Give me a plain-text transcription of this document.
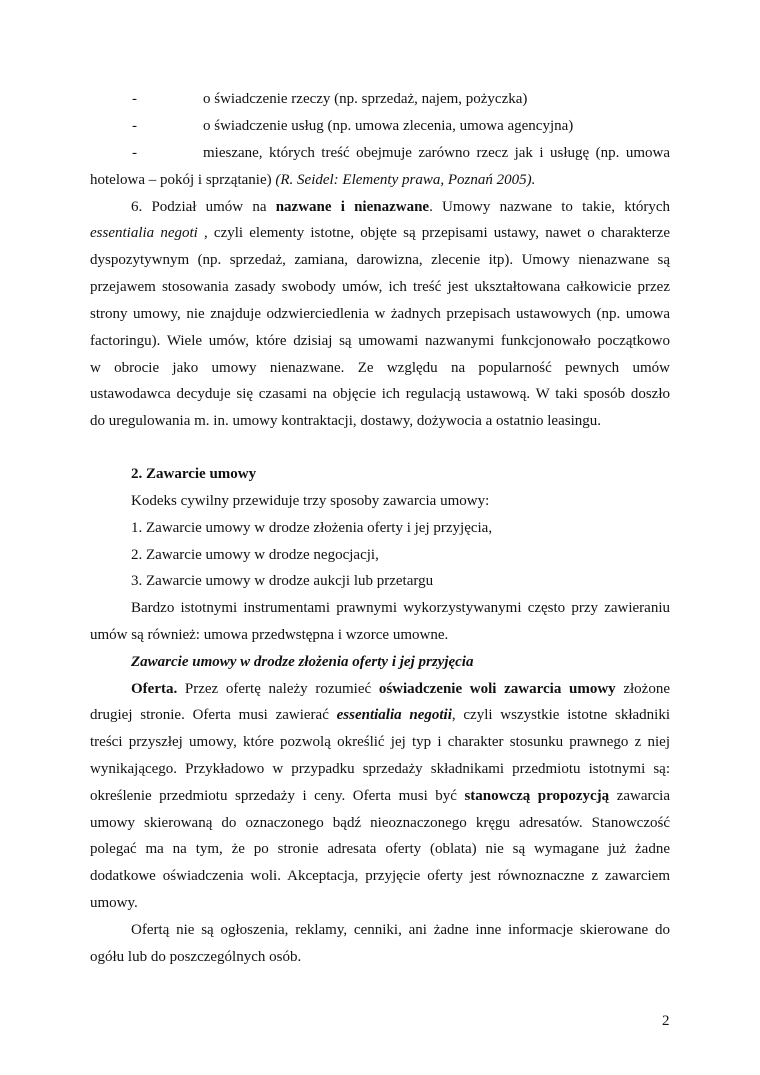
-	o świadczenie rzeczy (np. sprzedaż, najem, pożyczka)
-	o świadczenie usług (np. umowa zlecenia, umowa agencyjna)
-	mieszane, których treść obejmuje zarówno rzecz jak i usługę (np. umowa
hotelowa – pokój i sprzątanie) (R. Seidel: Elementy prawa, Poznań 2005).
6. Podział umów na nazwane i nienazwane. Umowy nazwane to takie, których
essentialia negoti , czyli elementy istotne, objęte są przepisami ustawy, nawet o charakterze
dyspozytywnym (np. sprzedaż, zamiana, darowizna, zlecenie itp). Umowy nienazwane są
przejawem stosowania zasady swobody umów, ich treść jest ukształtowana całkowicie przez
strony umowy, nie znajduje odzwierciedlenia w żadnych przepisach ustawowych (np. umowa
factoringu). Wiele umów, które dzisiaj są umowami nazwanymi funkcjonowało początkowo
w obrocie jako umowy nienazwane. Ze względu na popularność pewnych umów
ustawodawca decyduje się czasami na objęcie ich regulacją ustawową. W taki sposób doszło
do uregulowania m. in. umowy kontraktacji, dostawy, dożywocia a ostatnio leasingu.
2. Zawarcie umowy
Kodeks cywilny przewiduje trzy sposoby zawarcia umowy:
1. Zawarcie umowy w drodze złożenia oferty i jej przyjęcia,
2. Zawarcie umowy w drodze negocjacji,
3. Zawarcie umowy w drodze aukcji lub przetargu
Bardzo istotnymi instrumentami prawnymi wykorzystywanymi często przy zawieraniu
umów są również: umowa przedwstępna i wzorce umowne.
Zawarcie umowy w drodze złożenia oferty i jej przyjęcia
Oferta. Przez ofertę należy rozumieć oświadczenie woli zawarcia umowy złożone
drugiej stronie. Oferta musi zawierać essentialia negotii, czyli wszystkie istotne składniki
treści przyszłej umowy, które pozwolą określić jej typ i charakter stosunku prawnego z niej
wynikającego. Przykładowo w przypadku sprzedaży składnikami przedmiotu istotnymi są:
określenie przedmiotu sprzedaży i ceny. Oferta musi być stanowczą propozycją zawarcia
umowy skierowaną do oznaczonego bądź nieoznaczonego kręgu adresatów. Stanowczość
polegać ma na tym, że po stronie adresata oferty (oblata) nie są wymagane już żadne
dodatkowe oświadczenia woli. Akceptacja, przyjęcie oferty jest równoznaczne z zawarciem
umowy.
Ofertą nie są ogłoszenia, reklamy, cenniki, ani żadne inne informacje skierowane do
ogółu lub do poszczególnych osób.
2
